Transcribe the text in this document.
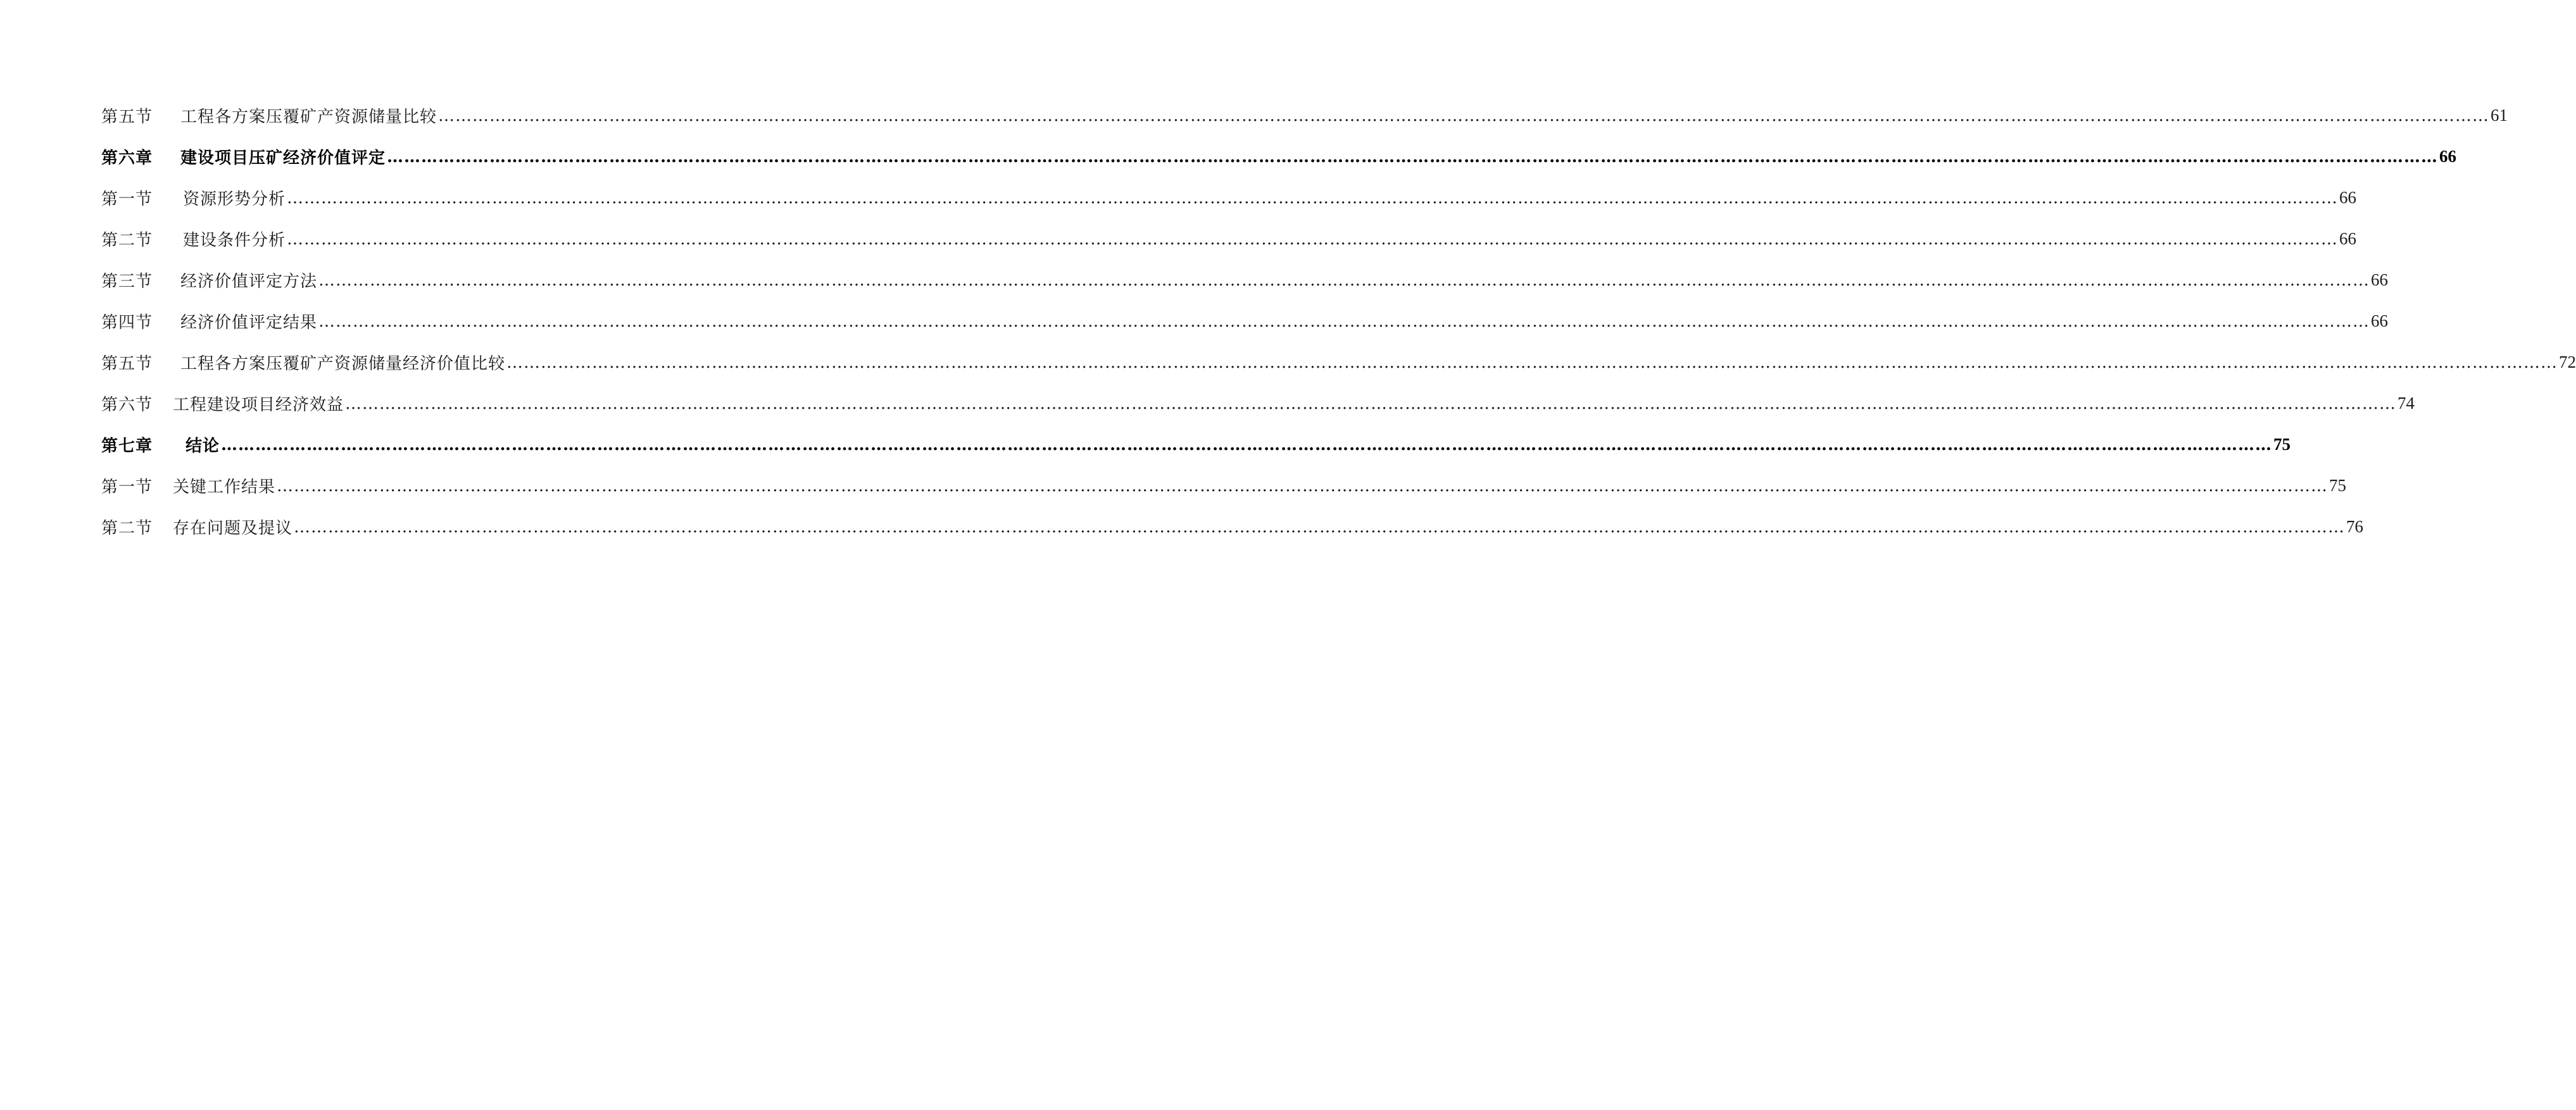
第五节 工程各方案压覆矿产资源储量比较 ……………………………………………………………………………………………………………………………………………………………………………………………………………………………………………………………………………………………………………………………… 61
第六章 建设项目压矿经济价值评定 ……………………………………………………………………………………………………………………………………………………………………………………………………………………………………………………………………………………………………………………………… 66
第一节 资源形势分析 ……………………………………………………………………………………………………………………………………………………………………………………………………………………………………………………………………………………………………………………………… 66
第二节 建设条件分析 ……………………………………………………………………………………………………………………………………………………………………………………………………………………………………………………………………………………………………………………………… 66
第三节 经济价值评定方法 ……………………………………………………………………………………………………………………………………………………………………………………………………………………………………………………………………………………………………………………………… 66
第四节 经济价值评定结果 ……………………………………………………………………………………………………………………………………………………………………………………………………………………………………………………………………………………………………………………………… 66
第五节 工程各方案压覆矿产资源储量经济价值比较 ……………………………………………………………………………………………………………………………………………………………………………………………………………………………………………………………………………………………………………………………… 72
第六节 工程建设项目经济效益 ……………………………………………………………………………………………………………………………………………………………………………………………………………………………………………………………………………………………………………………………… 74
第七章 结论 ……………………………………………………………………………………………………………………………………………………………………………………………………………………………………………………………………………………………………………………………… 75
第一节 关键工作结果 ……………………………………………………………………………………………………………………………………………………………………………………………………………………………………………………………………………………………………………………………… 75
第二节 存在问题及提议 ……………………………………………………………………………………………………………………………………………………………………………………………………………………………………………………………………………………………………………………………… 76
